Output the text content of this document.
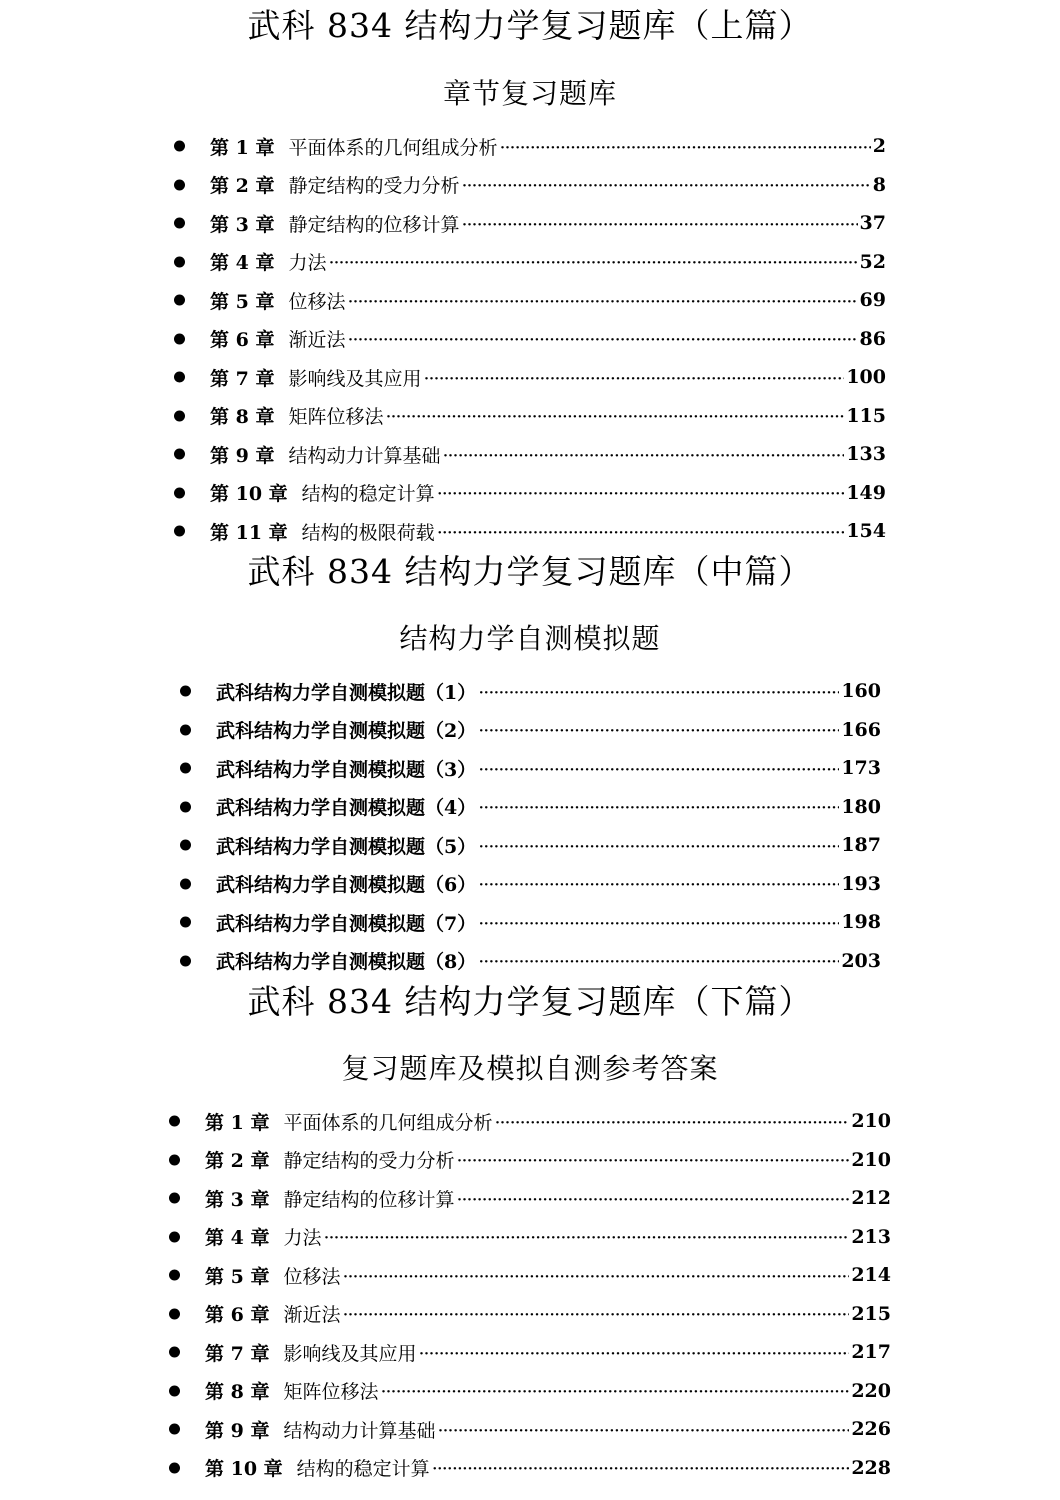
武科 834 结构力学复习题库（上篇）
章节复习题库
第 1 章 平面体系的几何组成分析 ·····	2
第 2 章 静定结构的受力分析 ·····	8
第 3 章 静定结构的位移计算 ·····	37
第 4 章 力法 ·····	52
第 5 章 位移法 ·····	69
第 6 章 渐近法 ·····	86
第 7 章 影响线及其应用 ·····	100
第 8 章 矩阵位移法 ·····	115
第 9 章 结构动力计算基础 ·····	133
第 10 章 结构的稳定计算 ·····	149
第 11 章 结构的极限荷载 ·····	154
武科 834 结构力学复习题库（中篇）
结构力学自测模拟题
武科结构力学自测模拟题（1） ·····	160
武科结构力学自测模拟题（2） ·····	166
武科结构力学自测模拟题（3） ·····	173
武科结构力学自测模拟题（4） ·····	180
武科结构力学自测模拟题（5） ·····	187
武科结构力学自测模拟题（6） ·····	193
武科结构力学自测模拟题（7） ·····	198
武科结构力学自测模拟题（8） ·····	203
武科 834 结构力学复习题库（下篇）
复习题库及模拟自测参考答案
第 1 章 平面体系的几何组成分析 ·····	210
第 2 章 静定结构的受力分析 ·····	210
第 3 章 静定结构的位移计算 ·····	212
第 4 章 力法 ·····	213
第 5 章 位移法 ·····	214
第 6 章 渐近法 ·····	215
第 7 章 影响线及其应用 ·····	217
第 8 章 矩阵位移法 ·····	220
第 9 章 结构动力计算基础 ·····	226
第 10 章 结构的稳定计算 ·····	228
